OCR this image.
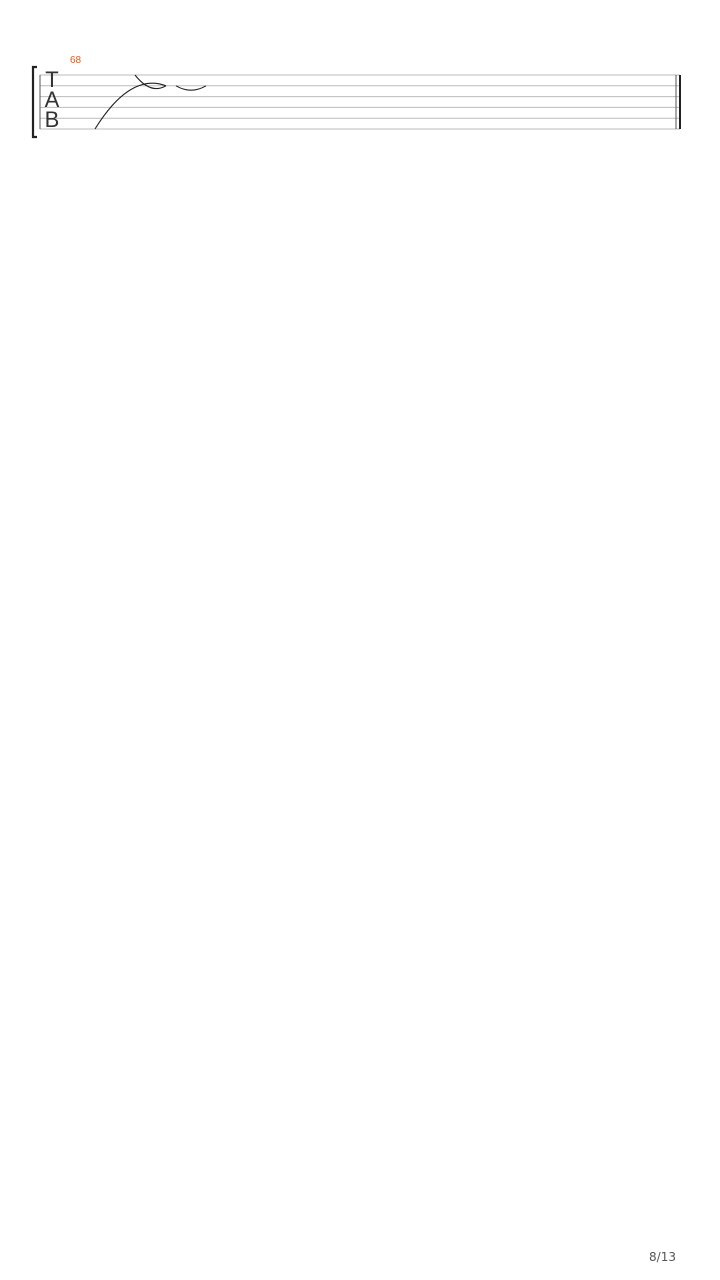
T
A
B
68
8/13
